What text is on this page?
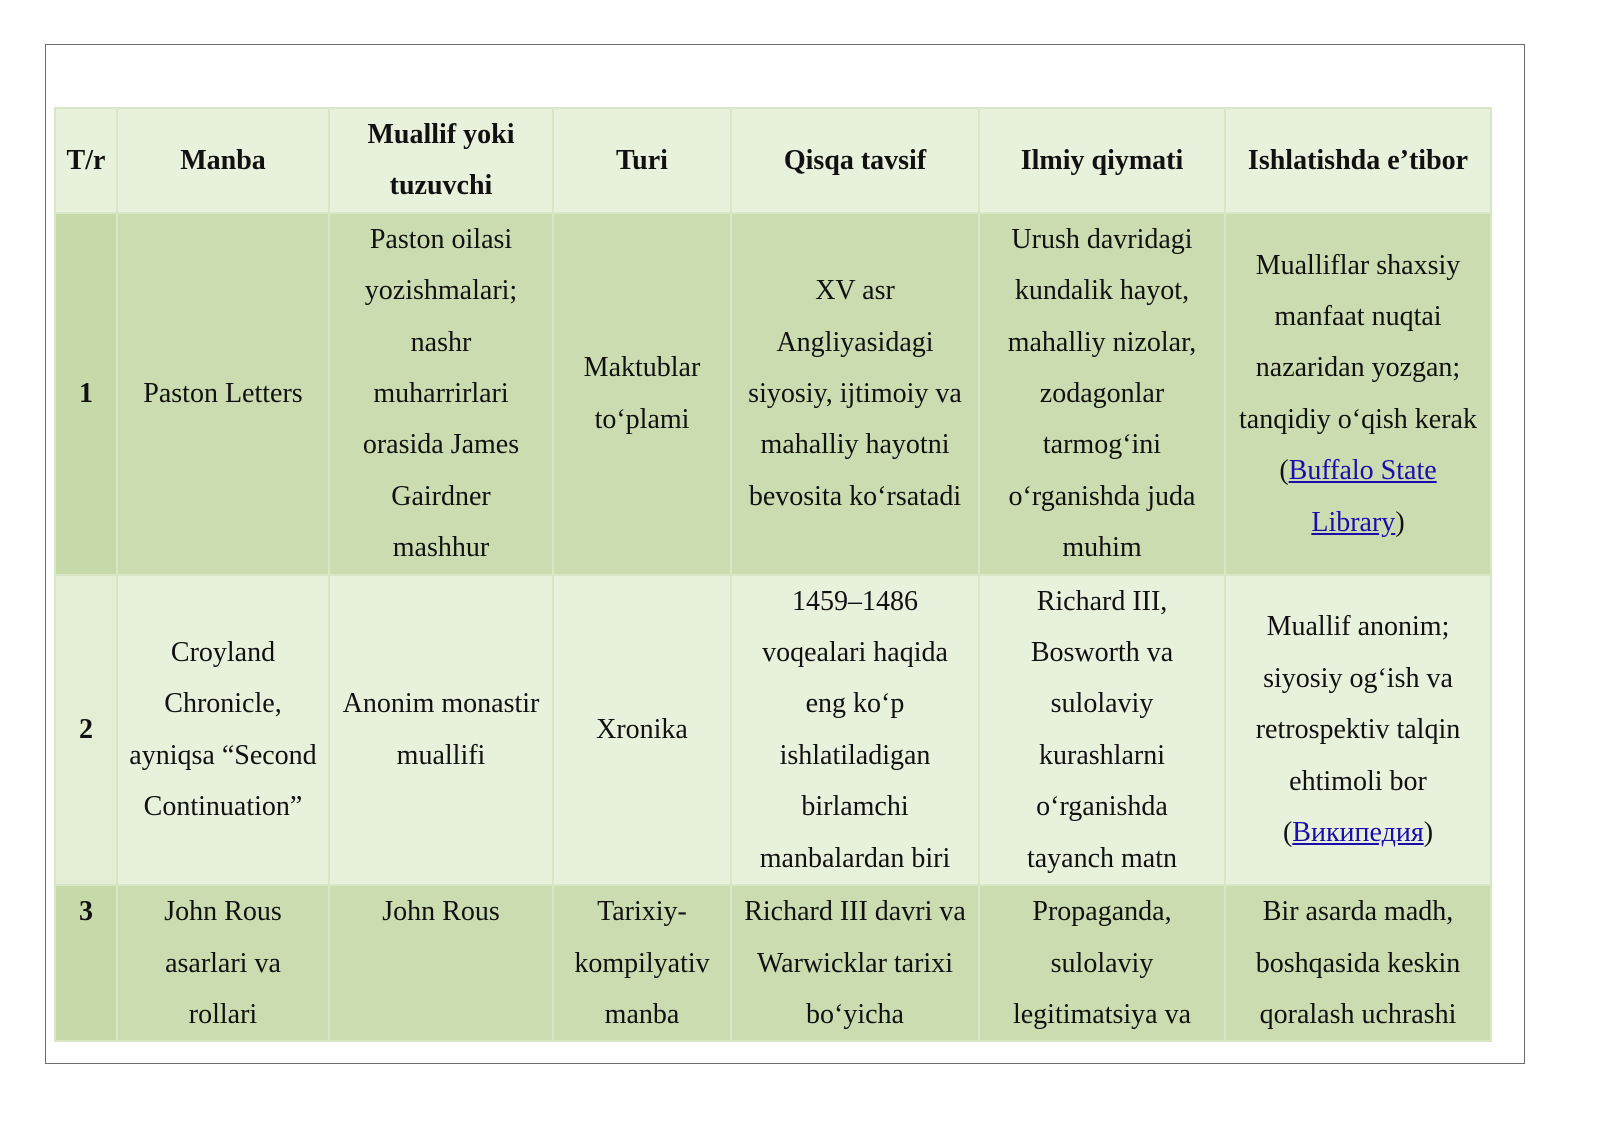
T/​r	Manba	Muallif yoki tuzuvchi	Turi	Qisqa tavsif	Ilmiy qiymati	Ishlatishda e’tibor
1	Paston Letters	Paston oilasi yozishmalari; nashr muharrirlari orasida James Gairdner mashhur	Maktublar to‘plami	XV asr Angliyasidagi siyosiy, ijtimoiy va mahalliy hayotni bevosita ko‘rsatadi	Urush davridagi kundalik hayot, mahalliy nizolar, zodagonlar tarmog‘ini o‘rganishda juda muhim	Mualliflar shaxsiy manfaat nuqtai nazaridan yozgan; tanqidiy o‘qish kerak (Buffalo State Library)
2	Croyland Chronicle, ayniqsa “Second Continuation”	Anonim monastir muallifi	Xronika	1459–1486 voqealari haqida eng ko‘p ishlatiladigan birlamchi manbalardan biri	Richard III, Bosworth va sulolaviy kurashlarni o‘rganishda tayanch matn	Muallif anonim; siyosiy og‘ish va retrospektiv talqin ehtimoli bor (Википедия)
3	John Rous asarlari va rollari	John Rous	Tarixiy-kompilyativ manba	Richard III davri va Warwicklar tarixi bo‘yicha	Propaganda, sulolaviy legitimatsiya va	Bir asarda madh, boshqasida keskin qoralash uchrashi
